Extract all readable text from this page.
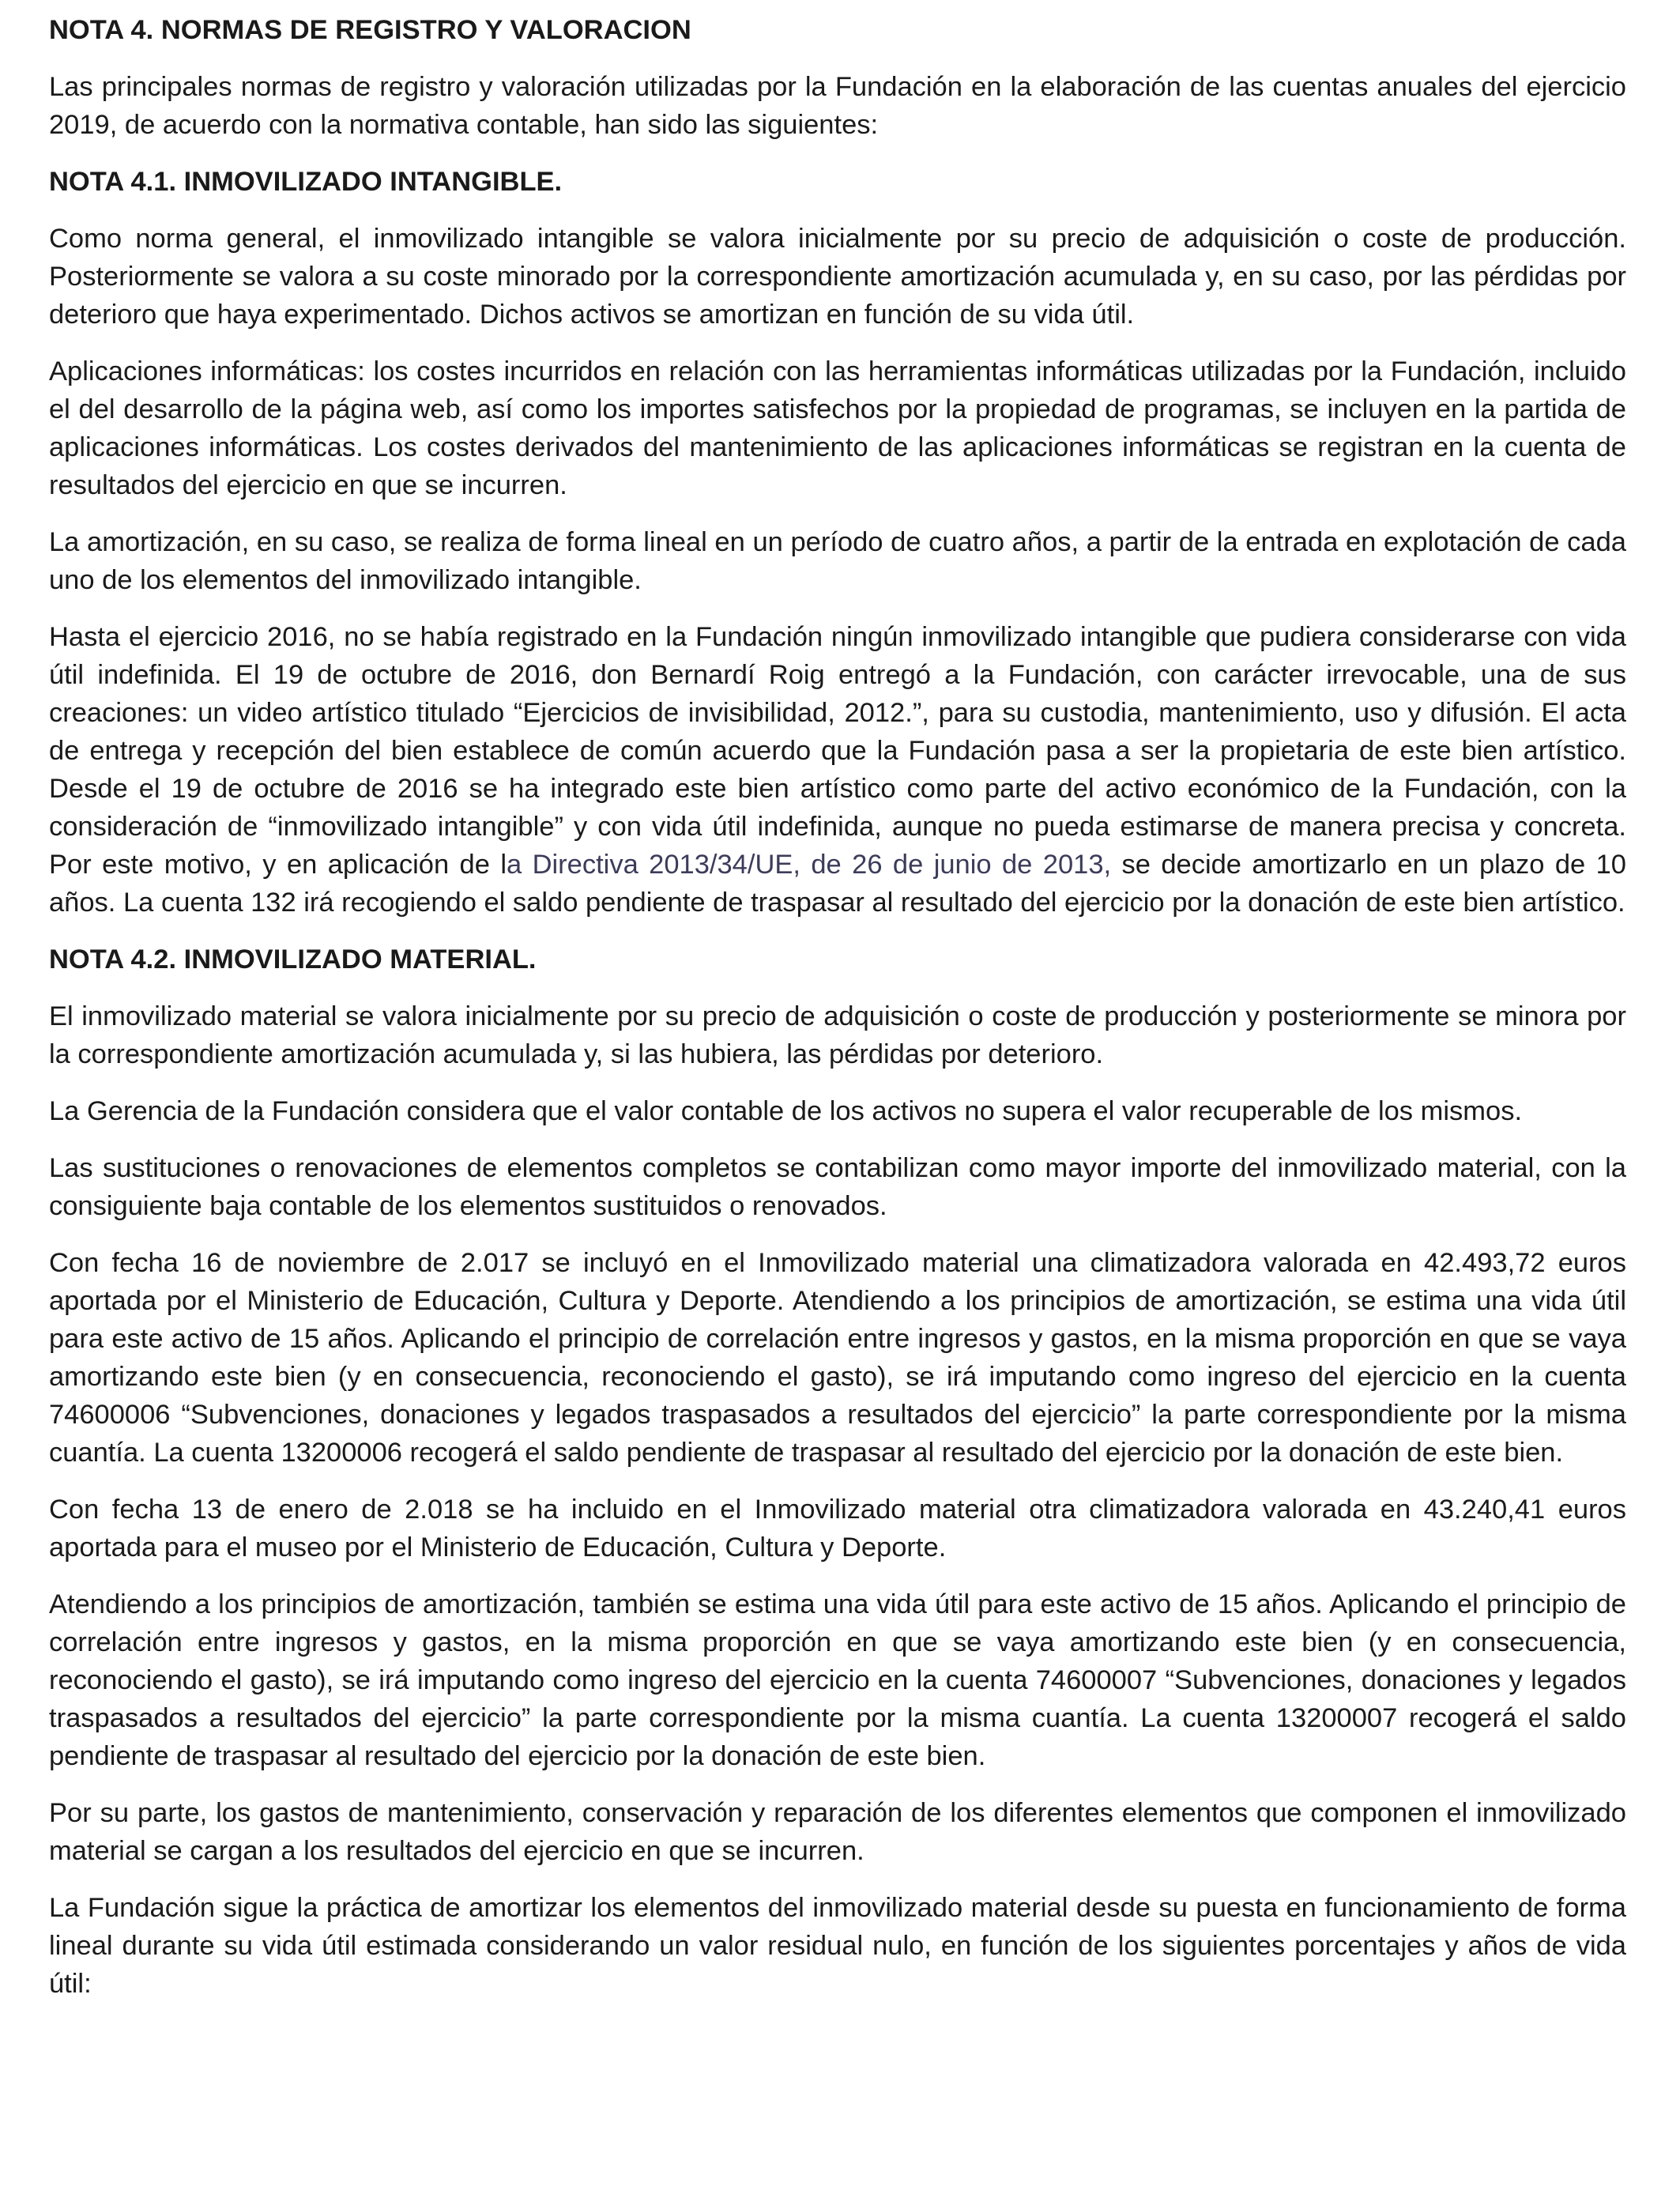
NOTA 4. NORMAS DE REGISTRO Y VALORACION

Las principales normas de registro y valoración utilizadas por la Fundación en la elaboración de las cuentas anuales del ejercicio 2019, de acuerdo con la normativa contable, han sido las siguientes:

NOTA 4.1. INMOVILIZADO INTANGIBLE.

Como norma general, el inmovilizado intangible se valora inicialmente por su precio de adquisición o coste de producción. Posteriormente se valora a su coste minorado por la correspondiente amortización acumulada y, en su caso, por las pérdidas por deterioro que haya experimentado. Dichos activos se amortizan en función de su vida útil.

Aplicaciones informáticas: los costes incurridos en relación con las herramientas informáticas utilizadas por la Fundación, incluido el del desarrollo de la página web, así como los importes satisfechos por la propiedad de programas, se incluyen en la partida de aplicaciones informáticas. Los costes derivados del mantenimiento de las aplicaciones informáticas se registran en la cuenta de resultados del ejercicio en que se incurren.

La amortización, en su caso, se realiza de forma lineal en un período de cuatro años, a partir de la entrada en explotación de cada uno de los elementos del inmovilizado intangible.

Hasta el ejercicio 2016, no se había registrado en la Fundación ningún inmovilizado intangible que pudiera considerarse con vida útil indefinida. El 19 de octubre de 2016, don Bernardí Roig entregó a la Fundación, con carácter irrevocable, una de sus creaciones: un video artístico titulado “Ejercicios de invisibilidad, 2012.”, para su custodia, mantenimiento, uso y difusión. El acta de entrega y recepción del bien establece de común acuerdo que la Fundación pasa a ser la propietaria de este bien artístico. Desde el 19 de octubre de 2016 se ha integrado este bien artístico como parte del activo económico de la Fundación, con la consideración de “inmovilizado intangible” y con vida útil indefinida, aunque no pueda estimarse de manera precisa y concreta. Por este motivo, y en aplicación de la Directiva 2013/34/UE, de 26 de junio de 2013, se decide amortizarlo en un plazo de 10 años. La cuenta 132 irá recogiendo el saldo pendiente de traspasar al resultado del ejercicio por la donación de este bien artístico.

NOTA 4.2. INMOVILIZADO MATERIAL.

El inmovilizado material se valora inicialmente por su precio de adquisición o coste de producción y posteriormente se minora por la correspondiente amortización acumulada y, si las hubiera, las pérdidas por deterioro.

La Gerencia de la Fundación considera que el valor contable de los activos no supera el valor recuperable de los mismos.

Las sustituciones o renovaciones de elementos completos se contabilizan como mayor importe del inmovilizado material, con la consiguiente baja contable de los elementos sustituidos o renovados.

Con fecha 16 de noviembre de 2.017 se incluyó en el Inmovilizado material una climatizadora valorada en 42.493,72 euros aportada por el Ministerio de Educación, Cultura y Deporte. Atendiendo a los principios de amortización, se estima una vida útil para este activo de 15 años. Aplicando el principio de correlación entre ingresos y gastos, en la misma proporción en que se vaya amortizando este bien (y en consecuencia, reconociendo el gasto), se irá imputando como ingreso del ejercicio en la cuenta 74600006 “Subvenciones, donaciones y legados traspasados a resultados del ejercicio” la parte correspondiente por la misma cuantía. La cuenta 13200006 recogerá el saldo pendiente de traspasar al resultado del ejercicio por la donación de este bien.

Con fecha 13 de enero de 2.018 se ha incluido en el Inmovilizado material otra climatizadora valorada en 43.240,41 euros aportada para el museo por el Ministerio de Educación, Cultura y Deporte.

Atendiendo a los principios de amortización, también se estima una vida útil para este activo de 15 años. Aplicando el principio de correlación entre ingresos y gastos, en la misma proporción en que se vaya amortizando este bien (y en consecuencia, reconociendo el gasto), se irá imputando como ingreso del ejercicio en la cuenta 74600007 “Subvenciones, donaciones y legados traspasados a resultados del ejercicio” la parte correspondiente por la misma cuantía. La cuenta 13200007 recogerá el saldo pendiente de traspasar al resultado del ejercicio por la donación de este bien.

Por su parte, los gastos de mantenimiento, conservación y reparación de los diferentes elementos que componen el inmovilizado material se cargan a los resultados del ejercicio en que se incurren.

La Fundación sigue la práctica de amortizar los elementos del inmovilizado material desde su puesta en funcionamiento de forma lineal durante su vida útil estimada considerando un valor residual nulo, en función de los siguientes porcentajes y años de vida útil:
